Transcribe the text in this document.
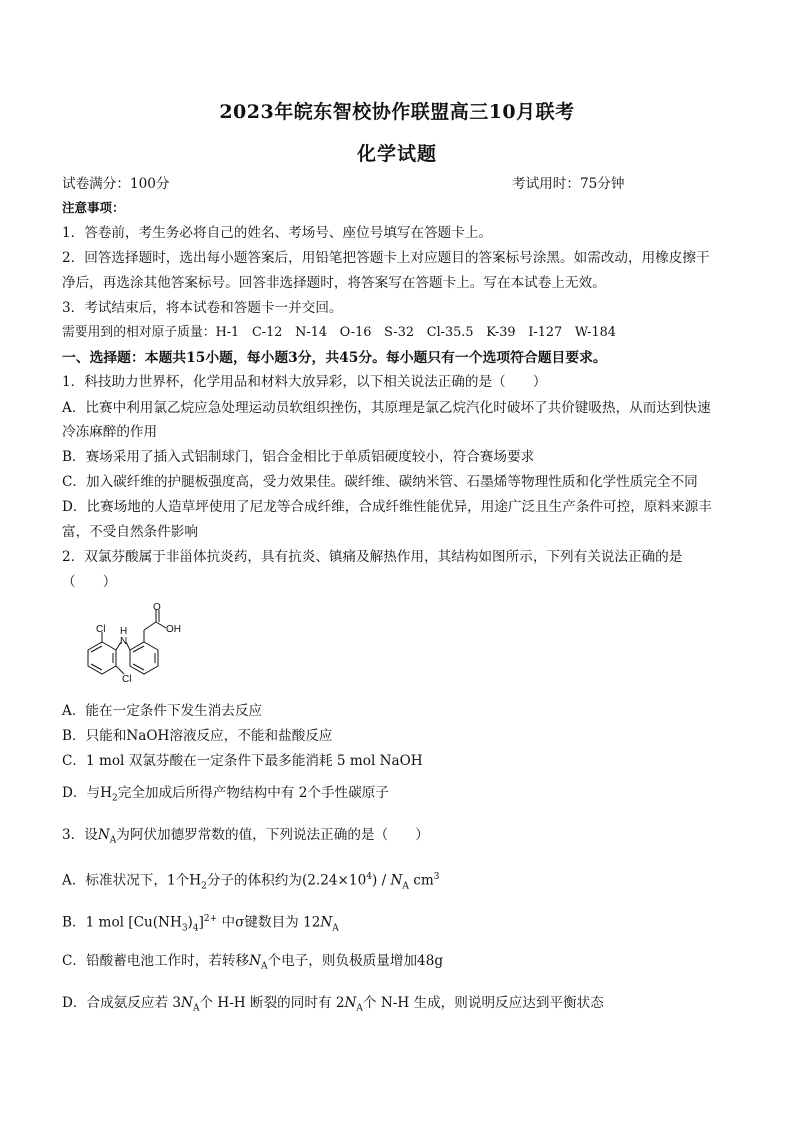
2023年皖东智校协作联盟高三10月联考
化学试题
试卷满分：100分	考试用时：75分钟
注意事项：
1．答卷前，考生务必将自己的姓名、考场号、座位号填写在答题卡上。
2．回答选择题时，选出每小题答案后，用铅笔把答题卡上对应题目的答案标号涂黑。如需改动，用橡皮擦干
净后，再选涂其他答案标号。回答非选择题时，将答案写在答题卡上。写在本试卷上无效。
3．考试结束后，将本试卷和答题卡一并交回。
需要用到的相对原子质量：H-1　C-12　N-14　O-16　S-32　Cl-35.5　K-39　I-127　W-184
一、选择题：本题共15小题，每小题3分，共45分。每小题只有一个选项符合题目要求。
1．科技助力世界杯，化学用品和材料大放异彩，以下相关说法正确的是（　　）
A．比赛中利用氯乙烷应急处理运动员软组织挫伤，其原理是氯乙烷汽化时破坏了共价键吸热，从而达到快速
冷冻麻醉的作用
B．赛场采用了插入式铝制球门，铝合金相比于单质铝硬度较小，符合赛场要求
C．加入碳纤维的护腿板强度高，受力效果佳。碳纤维、碳纳米管、石墨烯等物理性质和化学性质完全不同
D．比赛场地的人造草坪使用了尼龙等合成纤维，合成纤维性能优异，用途广泛且生产条件可控，原料来源丰
富，不受自然条件影响
2．双氯芬酸属于非甾体抗炎药，具有抗炎、镇痛及解热作用，其结构如图所示，下列有关说法正确的是
（　　）
Cl
N
H
O
OH
Cl
A．能在一定条件下发生消去反应
B．只能和NaOH溶液反应，不能和盐酸反应
C．1 mol 双氯芬酸在一定条件下最多能消耗 5 mol NaOH
D．与$H_2$完全加成后所得产物结构中有 2个手性碳原子
3．设$N_A$为阿伏加德罗常数的值，下列说法正确的是（　　）
A．标准状况下，1个$H_2$分子的体积约为$(2.24\times 10^4) / N_A$ $cm^3$
B．1 mol $[Cu(NH_3)_4]^{2+}$ 中σ键数目为 $12N_A$
C．铅酸蓄电池工作时，若转移$N_A$个电子，则负极质量增加48g
D．合成氨反应若 $3N_A$个 H-H 断裂的同时有 $2N_A$个 N-H 生成，则说明反应达到平衡状态
